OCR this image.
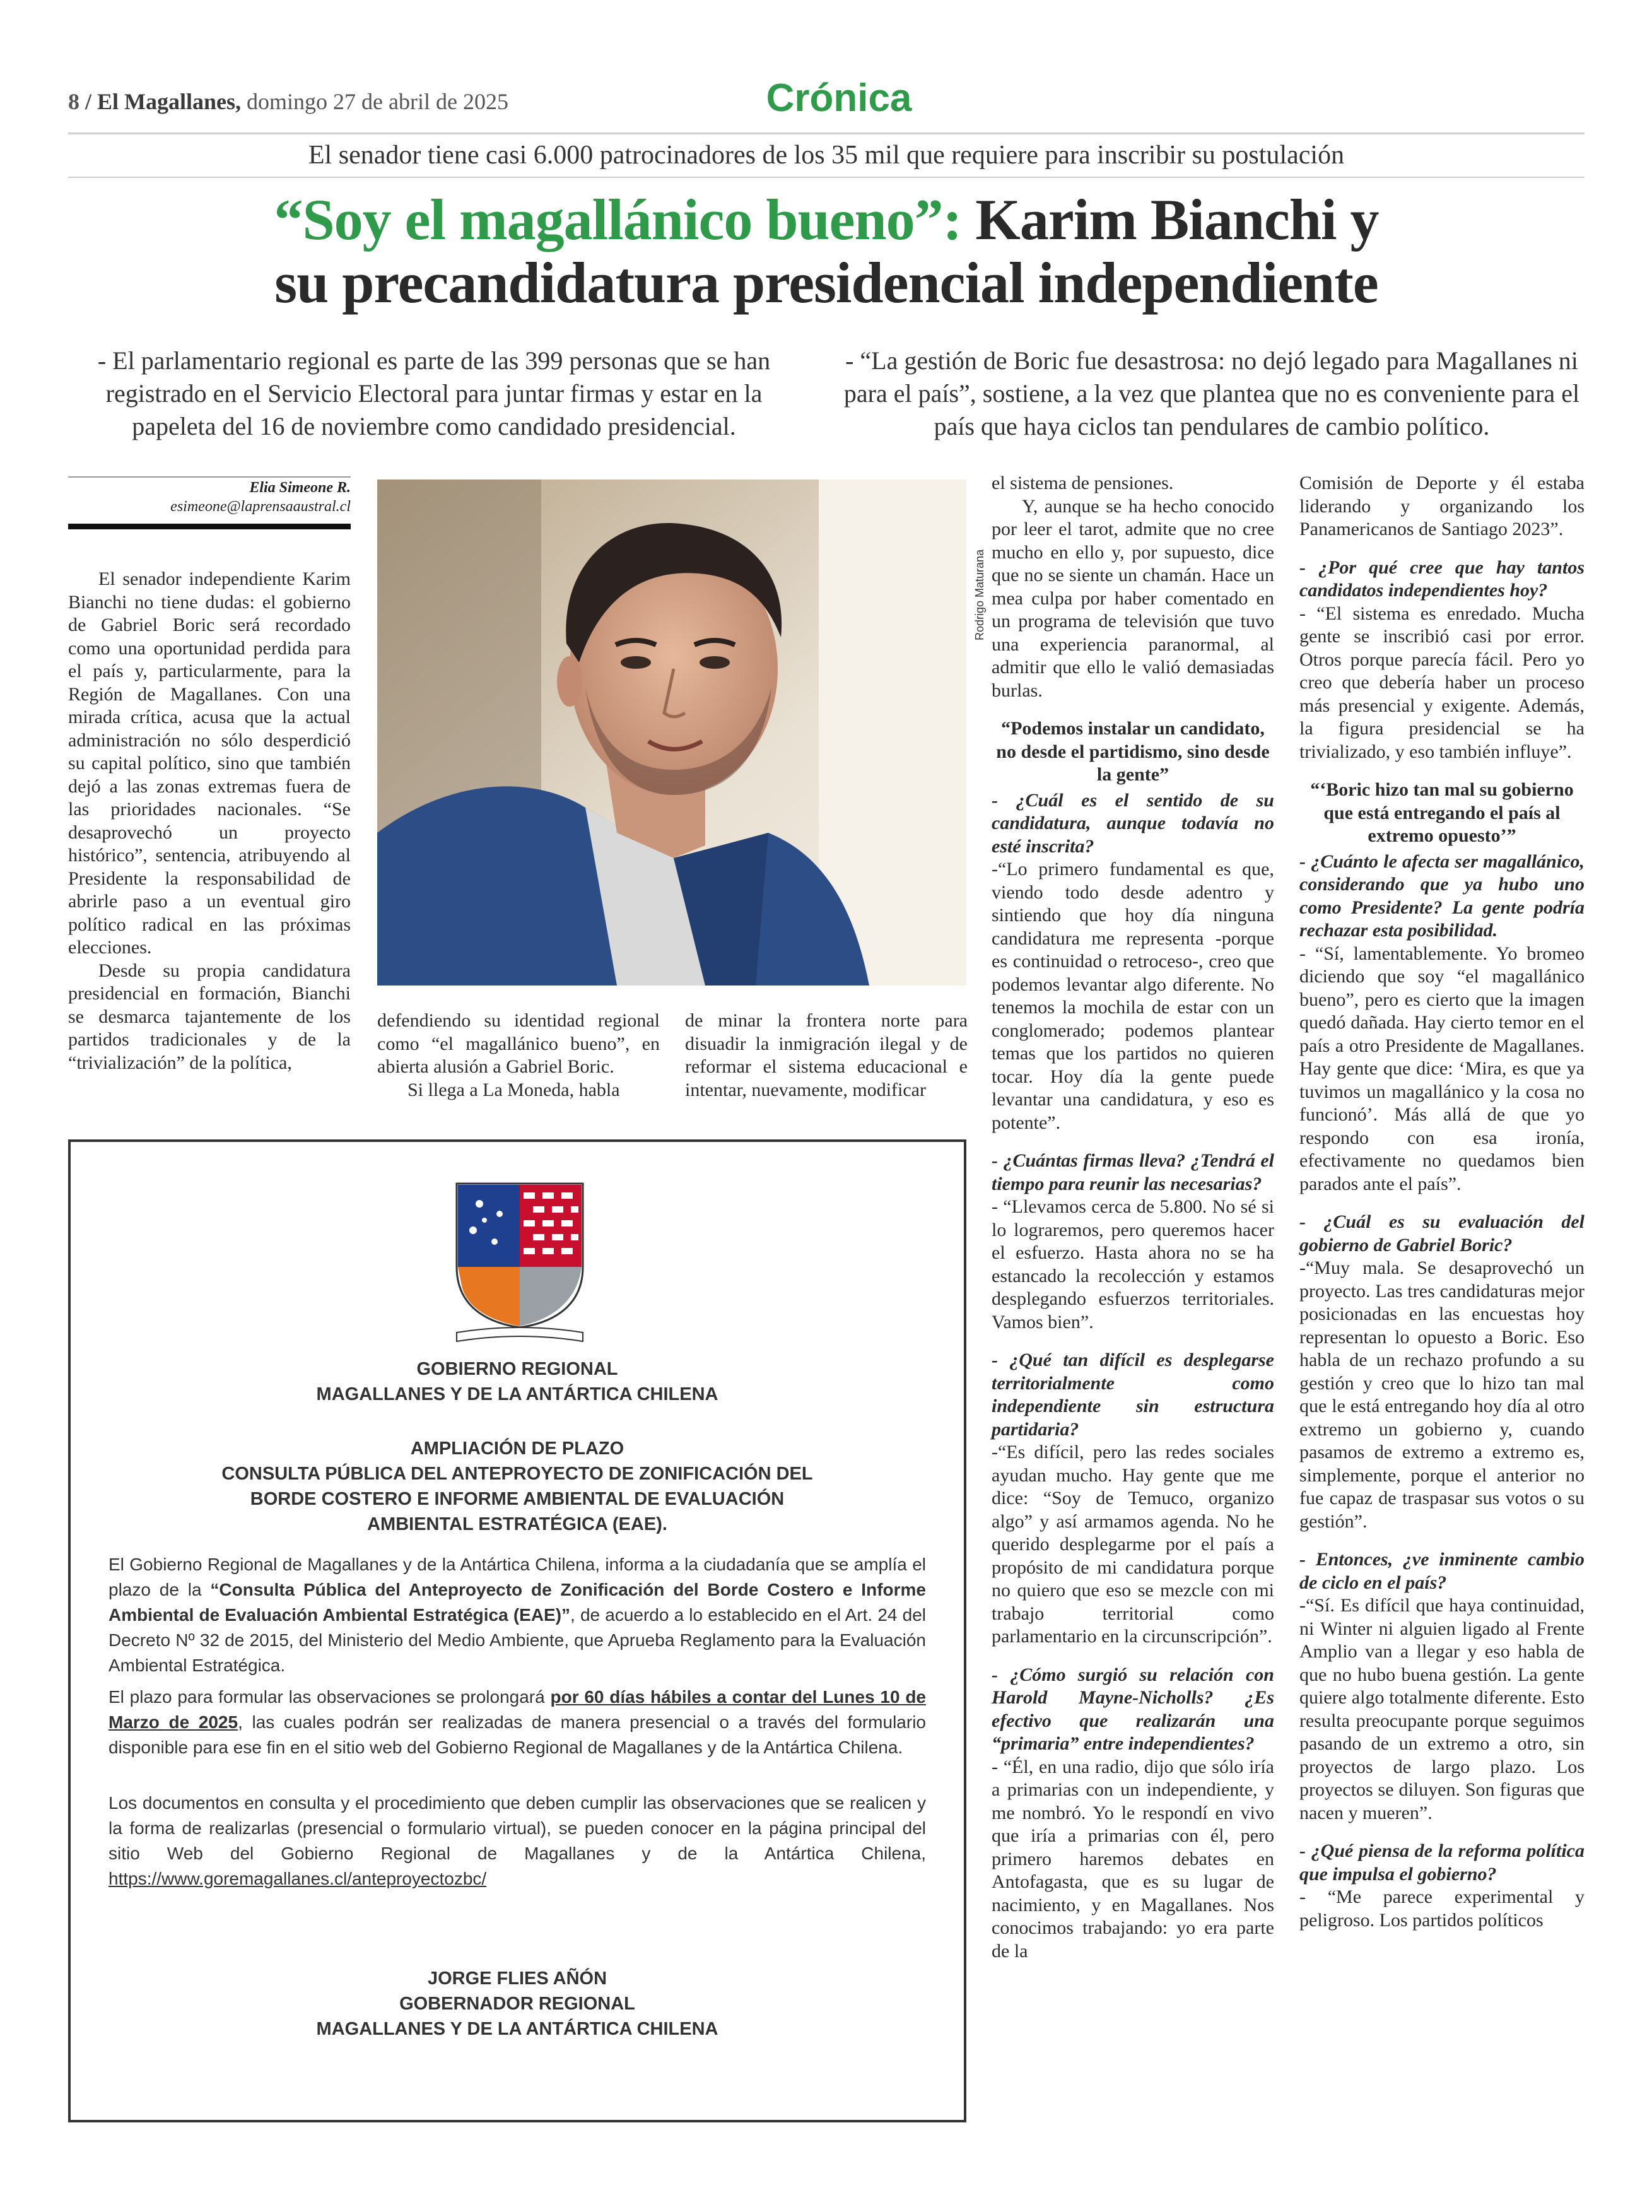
8 / El Magallanes, domingo 27 de abril de 2025	Crónica
El senador tiene casi 6.000 patrocinadores de los 35 mil que requiere para inscribir su postulación
“Soy el magallánico bueno”: Karim Bianchi y
su precandidatura presidencial independiente
- El parlamentario regional es parte de las 399 personas que se han registrado en el Servicio Electoral para juntar firmas y estar en la papeleta del 16 de noviembre como candidado presidencial.
- “La gestión de Boric fue desastrosa: no dejó legado para Magallanes ni para el país”, sostiene, a la vez que plantea que no es conveniente para el país que haya ciclos tan pendulares de cambio político.
Elia Simeone R.
esimeone@laprensaaustral.cl
Rodrigo Maturana

El senador independiente Karim Bianchi no tiene dudas: el gobierno de Gabriel Boric será recordado como una oportunidad perdida para el país y, particularmente, para la Región de Magallanes. Con una mirada crítica, acusa que la actual administración no sólo desperdició su capital político, sino que también dejó a las zonas extremas fuera de las prioridades nacionales. “Se desaprovechó un proyecto histórico”, sentencia, atribuyendo al Presidente la responsabilidad de abrirle paso a un eventual giro político radical en las próximas elecciones.

Desde su propia candidatura presidencial en formación, Bianchi se desmarca tajantemente de los partidos tradicionales y de la “trivialización” de la política,

defendiendo su identidad regional como “el magallánico bueno”, en abierta alusión a Gabriel Boric.

Si llega a La Moneda, habla

de minar la frontera norte para disuadir la inmigración ilegal y de reformar el sistema educacional e intentar, nuevamente, modificar

el sistema de pensiones.

Y, aunque se ha hecho conocido por leer el tarot, admite que no cree mucho en ello y, por supuesto, dice que no se siente un chamán. Hace un mea culpa por haber comentado en un programa de televisión que tuvo una experiencia paranormal, al admitir que ello le valió demasiadas burlas.

“Podemos instalar un candidato, no desde el partidismo, sino desde la gente”

- ¿Cuál es el sentido de su candidatura, aunque todavía no esté inscrita?

-“Lo primero fundamental es que, viendo todo desde adentro y sintiendo que hoy día ninguna candidatura me representa -porque es continuidad o retroceso-, creo que podemos levantar algo diferente. No tenemos la mochila de estar con un conglomerado; podemos plantear temas que los partidos no quieren tocar. Hoy día la gente puede levantar una candidatura, y eso es potente”.

- ¿Cuántas firmas lleva? ¿Tendrá el tiempo para reunir las necesarias?

- “Llevamos cerca de 5.800. No sé si lo lograremos, pero queremos hacer el esfuerzo. Hasta ahora no se ha estancado la recolección y estamos desplegando esfuerzos territoriales. Vamos bien”.

- ¿Qué tan difícil es desplegarse territorialmente como independiente sin estructura partidaria?

-“Es difícil, pero las redes sociales ayudan mucho. Hay gente que me dice: “Soy de Temuco, organizo algo” y así armamos agenda. No he querido desplegarme por el país a propósito de mi candidatura porque no quiero que eso se mezcle con mi trabajo territorial como parlamentario en la circunscripción”.

- ¿Cómo surgió su relación con Harold Mayne-Nicholls? ¿Es efectivo que realizarán una “primaria” entre independientes?

- “Él, en una radio, dijo que sólo iría a primarias con un independiente, y me nombró. Yo le respondí en vivo que iría a primarias con él, pero primero haremos debates en Antofagasta, que es su lugar de nacimiento, y en Magallanes. Nos conocimos trabajando: yo era parte de la

Comisión de Deporte y él estaba liderando y organizando los Panamericanos de Santiago 2023”.

- ¿Por qué cree que hay tantos candidatos independientes hoy?

- “El sistema es enredado. Mucha gente se inscribió casi por error. Otros porque parecía fácil. Pero yo creo que debería haber un proceso más presencial y exigente. Además, la figura presidencial se ha trivializado, y eso también influye”.

“‘Boric hizo tan mal su gobierno que está entregando el país al extremo opuesto’”

- ¿Cuánto le afecta ser magallánico, considerando que ya hubo uno como Presidente? La gente podría rechazar esta posibilidad.

- “Sí, lamentablemente. Yo bromeo diciendo que soy “el magallánico bueno”, pero es cierto que la imagen quedó dañada. Hay cierto temor en el país a otro Presidente de Magallanes. Hay gente que dice: ‘Mira, es que ya tuvimos un magallánico y la cosa no funcionó’. Más allá de que yo respondo con esa ironía, efectivamente no quedamos bien parados ante el país”.

- ¿Cuál es su evaluación del gobierno de Gabriel Boric?

-“Muy mala. Se desaprovechó un proyecto. Las tres candidaturas mejor posicionadas en las encuestas hoy representan lo opuesto a Boric. Eso habla de un rechazo profundo a su gestión y creo que lo hizo tan mal que le está entregando hoy día al otro extremo un gobierno y, cuando pasamos de extremo a extremo es, simplemente, porque el anterior no fue capaz de traspasar sus votos o su gestión”.

- Entonces, ¿ve inminente cambio de ciclo en el país?

-“Sí. Es difícil que haya continuidad, ni Winter ni alguien ligado al Frente Amplio van a llegar y eso habla de que no hubo buena gestión. La gente quiere algo totalmente diferente. Esto resulta preocupante porque seguimos pasando de un extremo a otro, sin proyectos de largo plazo. Los proyectos se diluyen. Son figuras que nacen y mueren”.

- ¿Qué piensa de la reforma política que impulsa el gobierno?

- “Me parece experimental y peligroso. Los partidos políticos

GOBIERNO REGIONAL
MAGALLANES Y DE LA ANTÁRTICA CHILENA
AMPLIACIÓN DE PLAZO
CONSULTA PÚBLICA DEL ANTEPROYECTO DE ZONIFICACIÓN DEL
BORDE COSTERO E INFORME AMBIENTAL DE EVALUACIÓN
AMBIENTAL ESTRATÉGICA (EAE).
El Gobierno Regional de Magallanes y de la Antártica Chilena, informa a la ciudadanía que se amplía el plazo de la “Consulta Pública del Anteproyecto de Zonificación del Borde Costero e Informe Ambiental de Evaluación Ambiental Estratégica (EAE)”, de acuerdo a lo establecido en el Art. 24 del Decreto Nº 32 de 2015, del Ministerio del Medio Ambiente, que Aprueba Reglamento para la Evaluación Ambiental Estratégica.
El plazo para formular las observaciones se prolongará por 60 días hábiles a contar del Lunes 10 de Marzo de 2025, las cuales podrán ser realizadas de manera presencial o a través del formulario disponible para ese fin en el sitio web del Gobierno Regional de Magallanes y de la Antártica Chilena.
Los documentos en consulta y el procedimiento que deben cumplir las observaciones que se realicen y la forma de realizarlas (presencial o formulario virtual), se pueden conocer en la página principal del sitio Web del Gobierno Regional de Magallanes y de la Antártica Chilena, https://www.goremagallanes.cl/anteproyectozbc/
JORGE FLIES AÑÓN
GOBERNADOR REGIONAL
MAGALLANES Y DE LA ANTÁRTICA CHILENA
